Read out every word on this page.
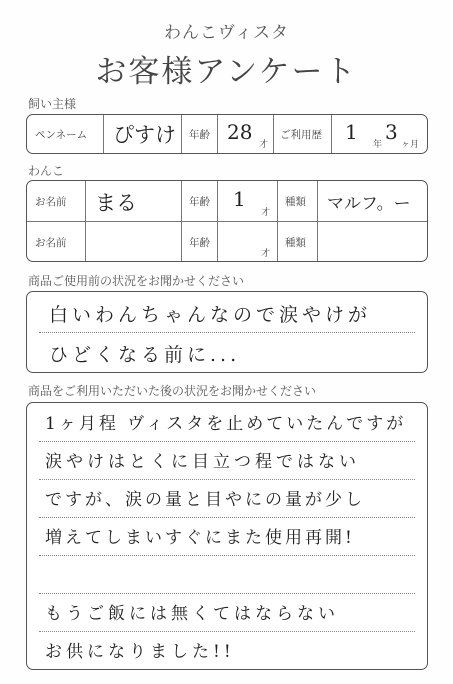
わんこヴィスタ
お客様アンケート
飼い主様
ペンネーム ぴすけ 年齢 28
才
ご利用歴 1
年
3
ヶ月
わんこ
お名前 まる	年齢 1
才
種類 マルフ。ー
お名前	年齢
才
種類
商品ご使用前の状況をお聞かせください
白いわんちゃんなので涙やけが
ひどくなる前に...
商品をご利用いただいた後の状況をお聞かせください
1ヶ月程 ヴィスタを止めていたんですが
涙やけはとくに目立つ程ではない
ですが、涙の量と目やにの量が少し
増えてしまいすぐにまた使用再開!
もうご飯には無くてはならない
お供になりました!!
